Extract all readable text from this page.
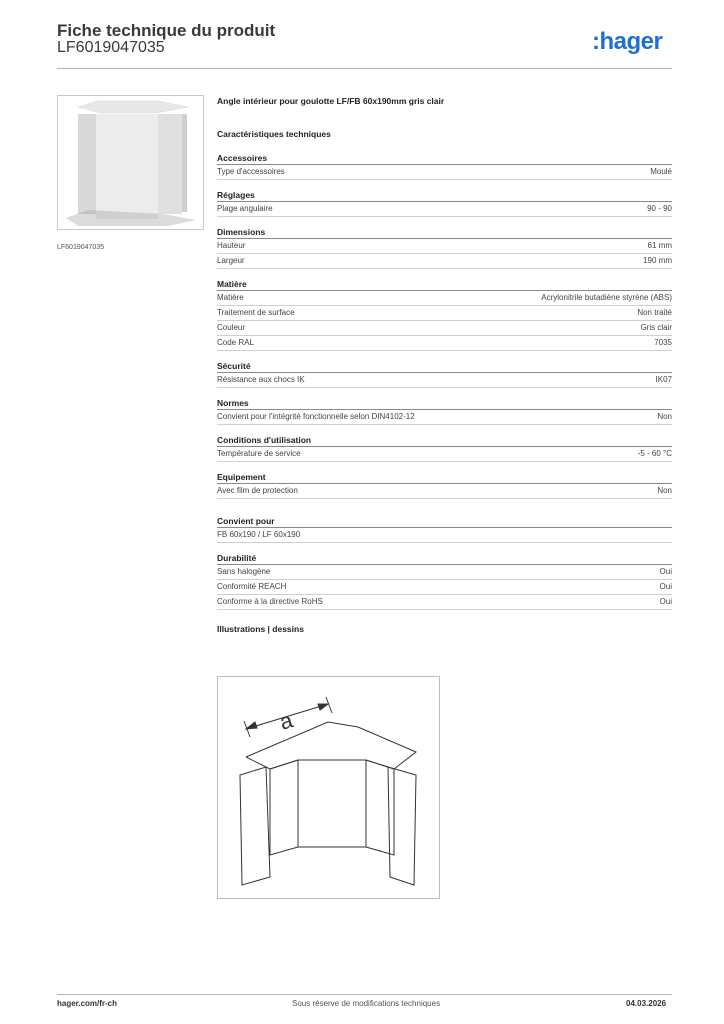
Fiche technique du produit
LF6019047035	:hager
LF6019047035
Angle intérieur pour goulotte LF/FB 60x190mm gris clair
Caractéristiques techniques
Accessoires
Type d'accessoires	Moulé
Réglages
Plage angulaire	90 - 90
Dimensions
Hauteur	61 mm
Largeur	190 mm
Matière
Matière	Acrylonitrile butadiène styrène (ABS)
Traitement de surface	Non traité
Couleur	Gris clair
Code RAL	7035
Sécurité
Résistance aux chocs IK	IK07
Normes
Convient pour l'intégrité fonctionnelle selon DIN4102-12	Non
Conditions d'utilisation
Température de service	-5 - 60 °C
Equipement
Avec film de protection	Non
Convient pour
FB 60x190 / LF 60x190
Durabilité
Sans halogène	Oui
Conformité REACH	Oui
Conforme à la directive RoHS	Oui
Illustrations | dessins
a
hager.com/fr-ch	Sous réserve de modifications techniques	04.03.2026
